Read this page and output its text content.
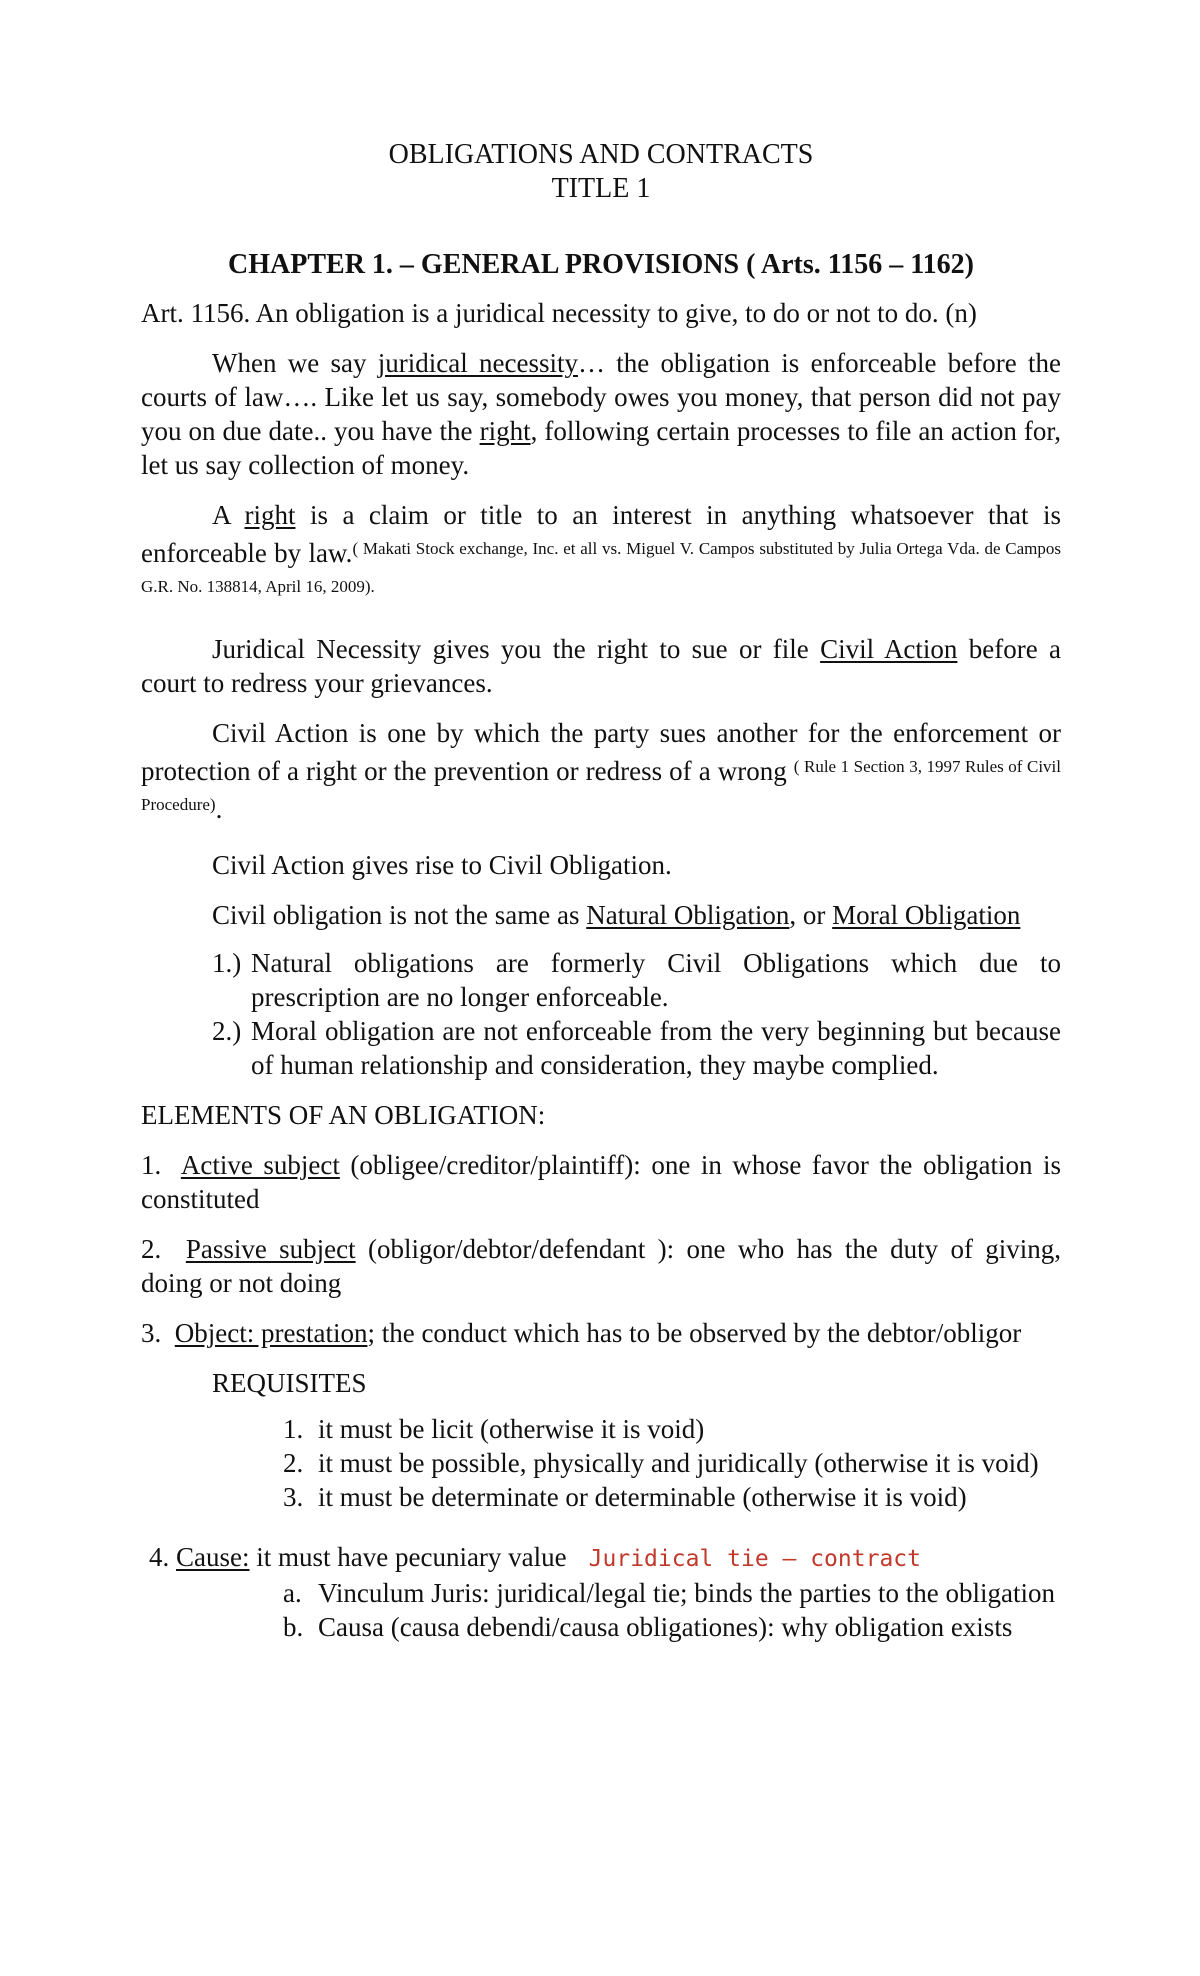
OBLIGATIONS AND CONTRACTS

TITLE 1

CHAPTER 1. – GENERAL PROVISIONS ( Arts. 1156 – 1162)

Art. 1156. An obligation is a juridical necessity to give, to do or not to do. (n)

When we say juridical necessity… the obligation is enforceable before the courts of law…. Like let us say, somebody owes you money, that person did not pay you on due date.. you have the right, following certain processes to file an action for, let us say collection of money.

A right is a claim or title to an interest in anything whatsoever that is enforceable by law.$^{( Makati Stock exchange, Inc. et all vs. Miguel V. Campos substituted by Julia Ortega Vda. de Campos G.R. No. 138814, April 16, 2009).}$

Juridical Necessity gives you the right to sue or file Civil Action before a court to redress your grievances.

Civil Action is one by which the party sues another for the enforcement or protection of a right or the prevention or redress of a wrong $^{( Rule 1 Section 3, 1997 Rules of Civil Procedure)}$.

Civil Action gives rise to Civil Obligation.

Civil obligation is not the same as Natural Obligation, or Moral Obligation

1.) Natural obligations are formerly Civil Obligations which due to prescription are no longer enforceable.
2.) Moral obligation are not enforceable from the very beginning but because of human relationship and consideration, they maybe complied.

ELEMENTS OF AN OBLIGATION:

1. Active subject (obligee/creditor/plaintiff): one in whose favor the obligation is constituted

2. Passive subject (obligor/debtor/defendant ): one who has the duty of giving, doing or not doing

3. Object: prestation; the conduct which has to be observed by the debtor/obligor

REQUISITES

1. it must be licit (otherwise it is void)
2. it must be possible, physically and juridically (otherwise it is void)
3. it must be determinate or determinable (otherwise it is void)

4. Cause: it must have pecuniary value Juridical tie – contract

a. Vinculum Juris: juridical/legal tie; binds the parties to the obligation
b. Causa (causa debendi/causa obligationes): why obligation exists
